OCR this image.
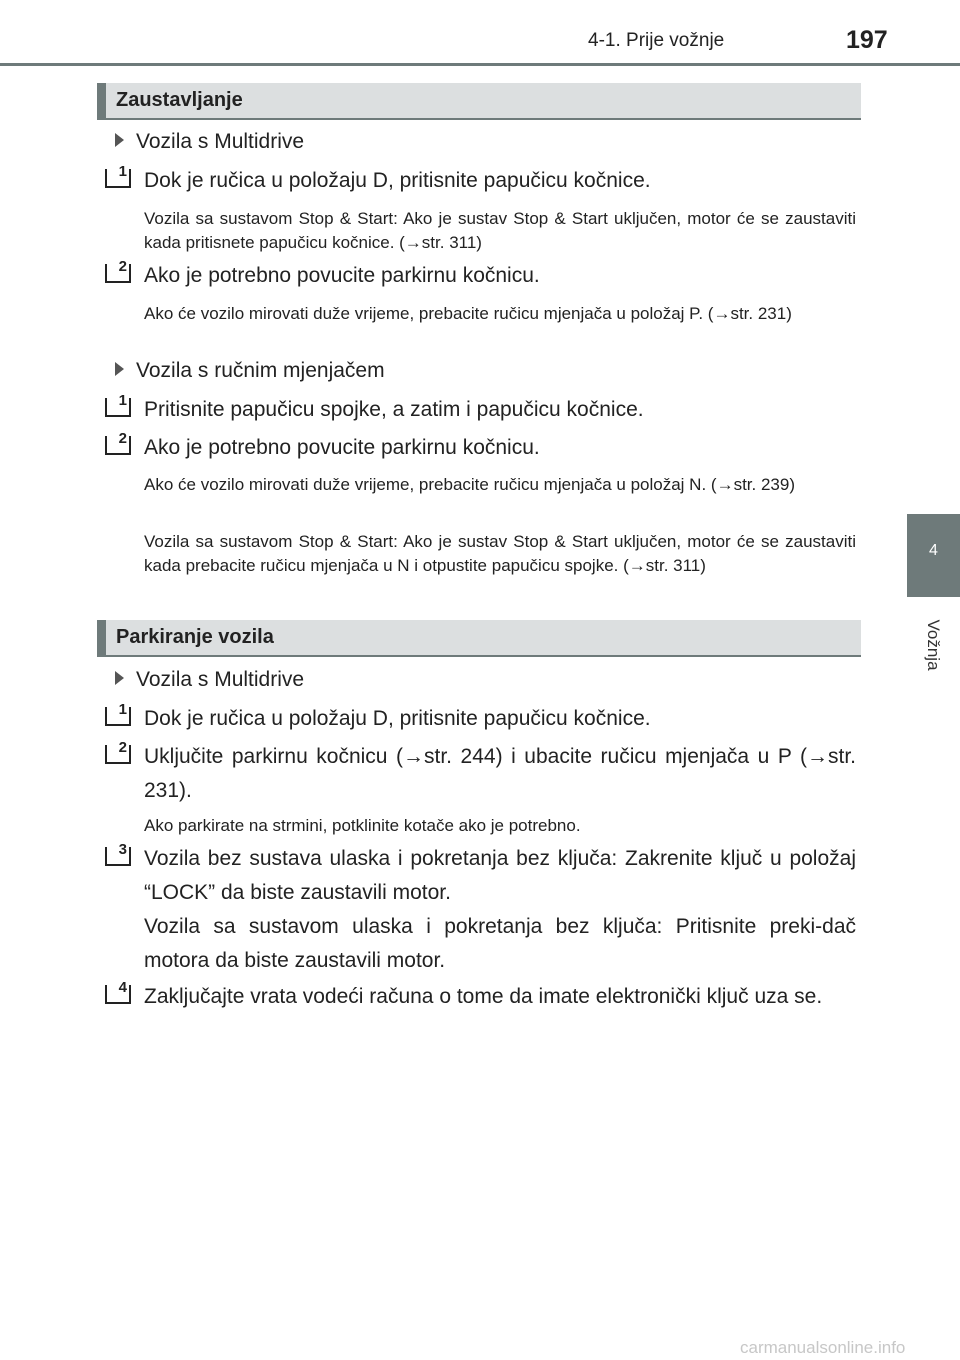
4-1. Prije vožnje	197
4
Vožnja
Zaustavljanje
Vozila s Multidrive
1 Dok je ručica u položaju D, pritisnite papučicu kočnice.
Vozila sa sustavom Stop & Start: Ako je sustav Stop & Start uključen, motor će se zaustaviti kada pritisnete papučicu kočnice. (→str. 311)
2 Ako je potrebno povucite parkirnu kočnicu.
Ako će vozilo mirovati duže vrijeme, prebacite ručicu mjenjača u položaj P. (→str. 231)
Vozila s ručnim mjenjačem
1 Pritisnite papučicu spojke, a zatim i papučicu kočnice.
2 Ako je potrebno povucite parkirnu kočnicu.
Ako će vozilo mirovati duže vrijeme, prebacite ručicu mjenjača u položaj N. (→str. 239)
Vozila sa sustavom Stop & Start: Ako je sustav Stop & Start uključen, motor će se zaustaviti kada prebacite ručicu mjenjača u N i otpustite papučicu spojke. (→str. 311)
Parkiranje vozila
Vozila s Multidrive
1 Dok je ručica u položaju D, pritisnite papučicu kočnice.
2 Uključite parkirnu kočnicu (→str. 244) i ubacite ručicu mjenjača u P (→str. 231).
Ako parkirate na strmini, potklinite kotače ako je potrebno.
3 Vozila bez sustava ulaska i pokretanja bez ključa: Zakrenite ključ u položaj “LOCK” da biste zaustavili motor.
Vozila sa sustavom ulaska i pokretanja bez ključa: Pritisnite preki-dač motora da biste zaustavili motor.
4 Zaključajte vrata vodeći računa o tome da imate elektronički ključ uza se.
carmanualsonline.info
